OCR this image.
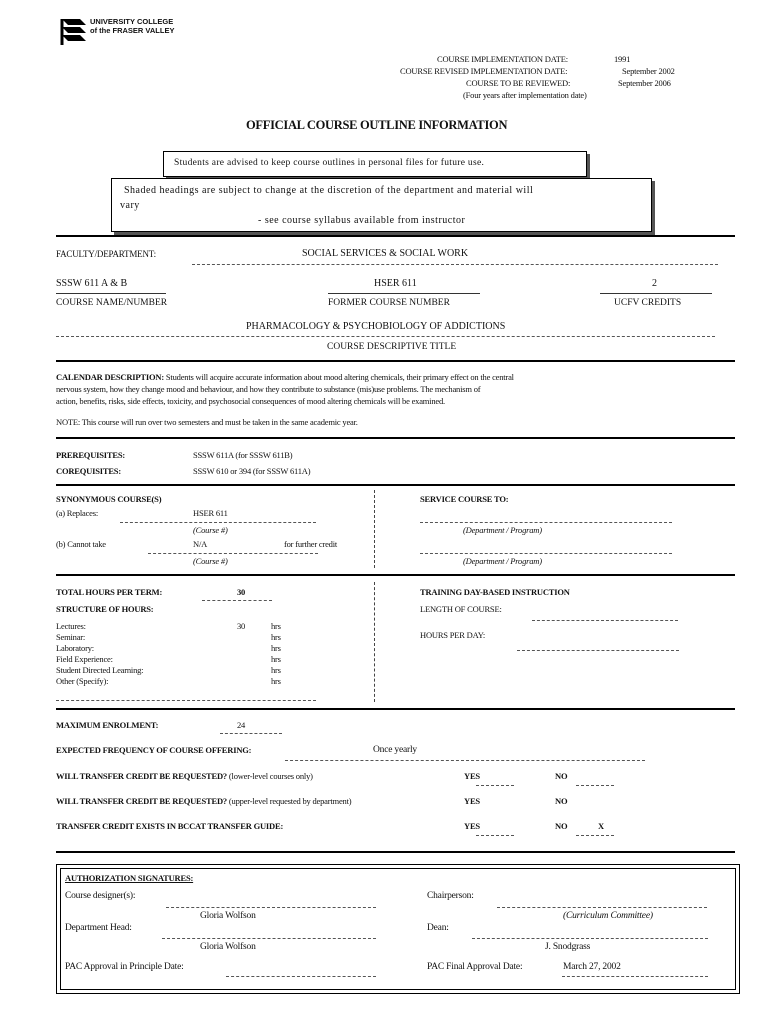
UNIVERSITY COLLEGE
of the FRASER VALLEY
COURSE IMPLEMENTATION DATE:	1991
COURSE REVISED IMPLEMENTATION DATE:	September 2002
COURSE TO BE REVIEWED:	September 2006
(Four years after implementation date)
OFFICIAL COURSE OUTLINE INFORMATION
Students are advised to keep course outlines in personal files for future use.
Shaded headings are subject to change at the discretion of the department and material will
vary
- see course syllabus available from instructor
FACULTY/DEPARTMENT:	SOCIAL SERVICES & SOCIAL WORK
SSSW 611 A & B
COURSE NAME/NUMBER
HSER 611
FORMER COURSE NUMBER
2
UCFV CREDITS
PHARMACOLOGY & PSYCHOBIOLOGY OF ADDICTIONS
COURSE DESCRIPTIVE TITLE
CALENDAR DESCRIPTION: Students will acquire accurate information about mood altering chemicals, their primary effect on the central
nervous system, how they change mood and behaviour, and how they contribute to substance (mis)use problems. The mechanism of
action, benefits, risks, side effects, toxicity, and psychosocial consequences of mood altering chemicals will be examined.
NOTE: This course will run over two semesters and must be taken in the same academic year.
PREREQUISITES:	SSSW 611A (for SSSW 611B)
COREQUISITES:	SSSW 610 or 394 (for SSSW 611A)
SYNONYMOUS COURSE(S)
(a) Replaces:	HSER 611
(Course #)
(b) Cannot take	N/A	for further credit
(Course #)
SERVICE COURSE TO:
(Department / Program)
(Department / Program)
TOTAL HOURS PER TERM:	30
STRUCTURE OF HOURS:
Lectures:	30	hrs
Seminar:	hrs
Laboratory:	hrs
Field Experience:	hrs
Student Directed Learning:	hrs
Other (Specify):	hrs
TRAINING DAY-BASED INSTRUCTION
LENGTH OF COURSE:
HOURS PER DAY:
MAXIMUM ENROLMENT:	24
EXPECTED FREQUENCY OF COURSE OFFERING:	Once yearly
WILL TRANSFER CREDIT BE REQUESTED? (lower-level courses only)	YES	NO
WILL TRANSFER CREDIT BE REQUESTED? (upper-level requested by department)	YES	NO
TRANSFER CREDIT EXISTS IN BCCAT TRANSFER GUIDE:	YES	NO	X
AUTHORIZATION SIGNATURES:
Course designer(s):
Gloria Wolfson
Chairperson:
(Curriculum Committee)
Department Head:
Gloria Wolfson
Dean:
J. Snodgrass
PAC Approval in Principle Date:	PAC Final Approval Date:	March 27, 2002
